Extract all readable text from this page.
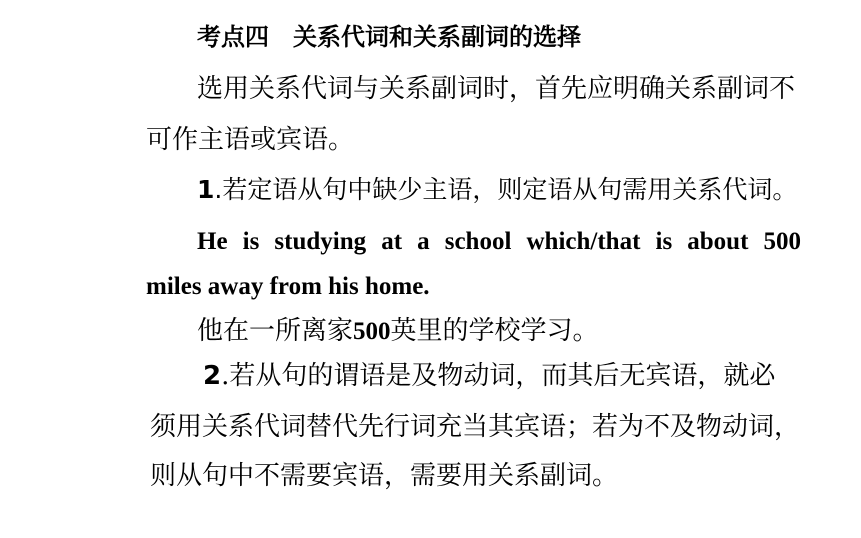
考点四　关系代词和关系副词的选择

选用关系代词与关系副词时，首先应明确关系副词不

可作主语或宾语。

1.若定语从句中缺少主语，则定语从句需用关系代词。

He is studying at a school which/that is about 500

miles away from his home.

他在一所离家500英里的学校学习。

2.若从句的谓语是及物动词，而其后无宾语，就必

须用关系代词替代先行词充当其宾语；若为不及物动词，

则从句中不需要宾语，需要用关系副词。
